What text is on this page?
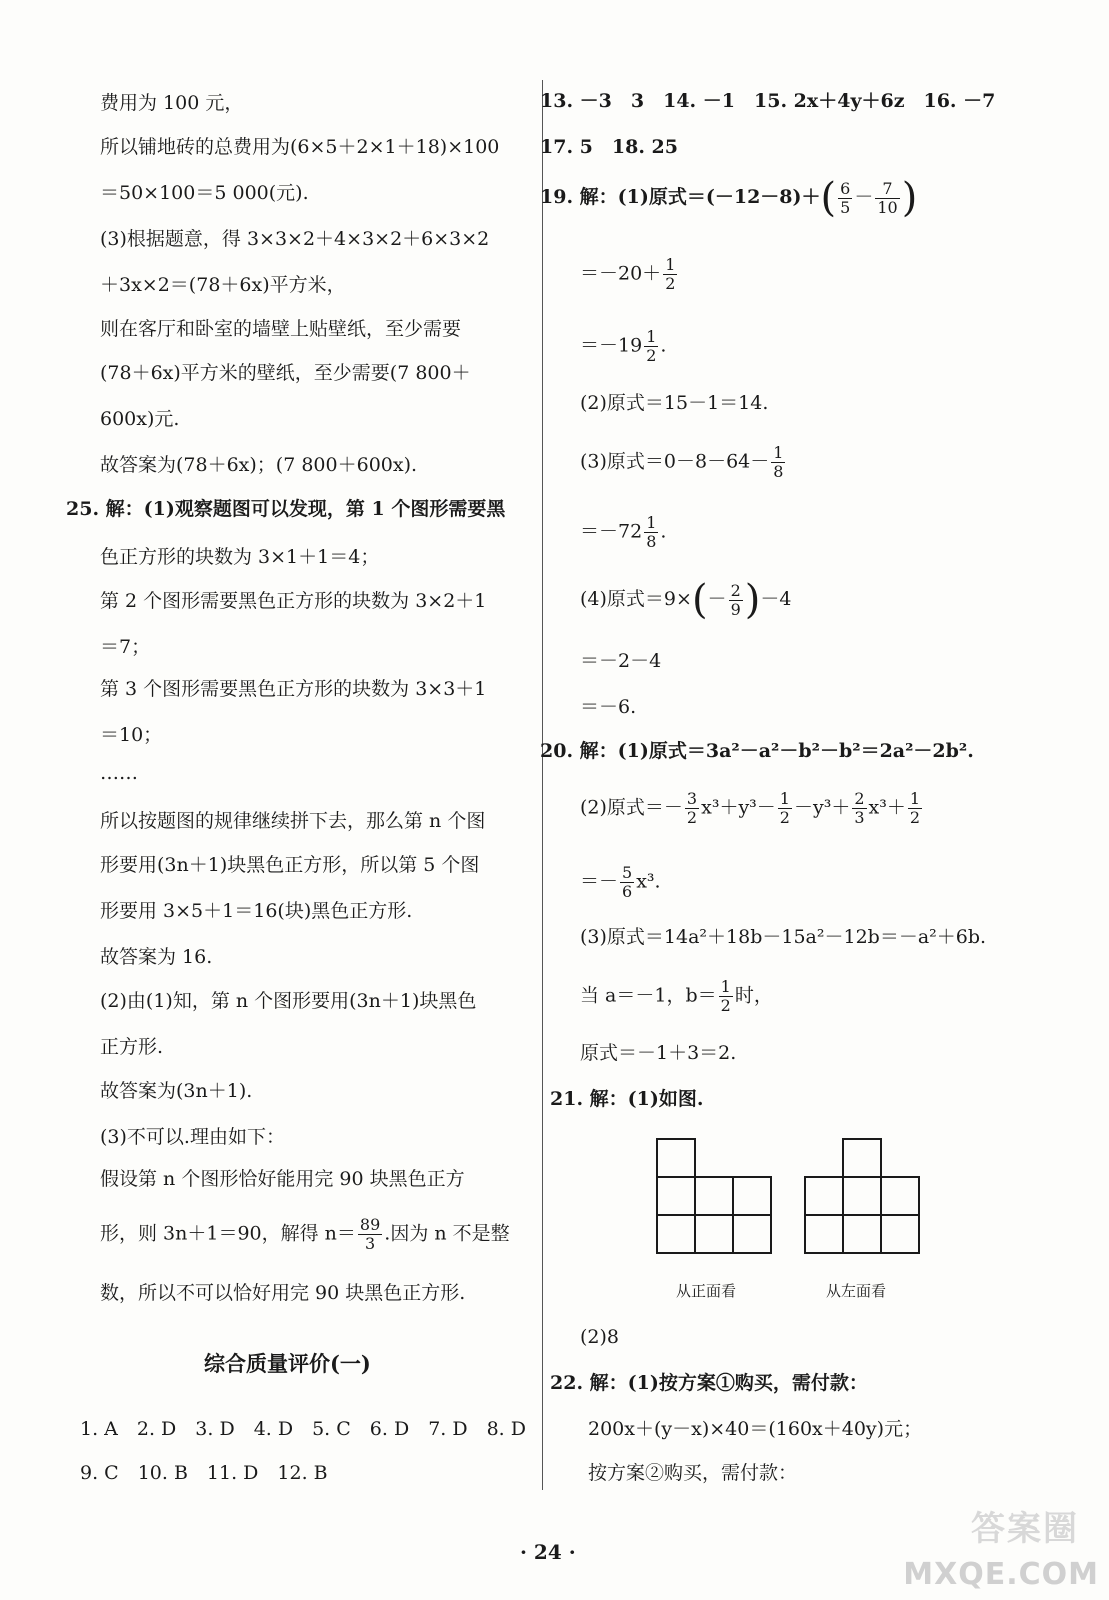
费用为 100 元，
所以铺地砖的总费用为(6×5＋2×1＋18)×100
＝50×100＝5 000(元).
(3)根据题意，得 3×3×2＋4×3×2＋6×3×2
＋3x×2＝(78＋6x)平方米，
则在客厅和卧室的墙壁上贴壁纸，至少需要
(78＋6x)平方米的壁纸，至少需要(7 800＋
600x)元.
故答案为(78＋6x)；(7 800＋600x).
25. 解：(1)观察题图可以发现，第 1 个图形需要黑
色正方形的块数为 3×1＋1＝4；
第 2 个图形需要黑色正方形的块数为 3×2＋1
＝7；
第 3 个图形需要黑色正方形的块数为 3×3＋1
＝10；
……
所以按题图的规律继续拼下去，那么第 n 个图
形要用(3n＋1)块黑色正方形，所以第 5 个图
形要用 3×5＋1＝16(块)黑色正方形.
故答案为 16.
(2)由(1)知，第 n 个图形要用(3n＋1)块黑色
正方形.
故答案为(3n＋1).
(3)不可以.理由如下：
假设第 n 个图形恰好能用完 90 块黑色正方
形，则 3n＋1＝90，解得 $n= \frac{89}{3}$ .因为 n 不是整
数，所以不可以恰好用完 90 块黑色正方形.
综合质量评价(一)
1. A　2. D　3. D　4. D　5. C　6. D　7. D　8. D
9. C　10. B　11. D　12. B
13. －3　3　14. －1　15. 2x＋4y＋6z　16. －7
17. 5　18. 25
19. 解：(1)原式$=(-12-8)+( \frac{6}{5} - \frac{7}{10}$ )
$=-20+ \frac{1}{2}$
$=-19 \frac{1}{2}$ .
(2)原式＝15－1＝14.
(3)原式$=0-8-64- \frac{1}{8}$
$=-72 \frac{1}{8}$ .
(4)原式$=9\times(- \frac{2}{9} )-4$
＝－2－4
＝－6.
20. 解：(1)原式＝3a²－a²－b²－b²＝2a²－2b².
(2)原式＝－ $\frac{3}{2} x^3+y^3- \frac{1}{2} -y^3+ \frac{2}{3} x^3+ \frac{1}{2}$
＝－ $\frac{5}{6} x^3$.
(3)原式＝14a²＋18b－15a²－12b＝－a²＋6b.
当 a＝－1，$b= \frac{1}{2}$ 时，
原式＝－1＋3＝2.
21. 解：(1)如图.
从正面看	从左面看
(2)8
22. 解：(1)按方案①购买，需付款：
200x＋(y－x)×40＝(160x＋40y)元；
按方案②购买，需付款：
· 24 ·
答案圈
MXQE.COM
